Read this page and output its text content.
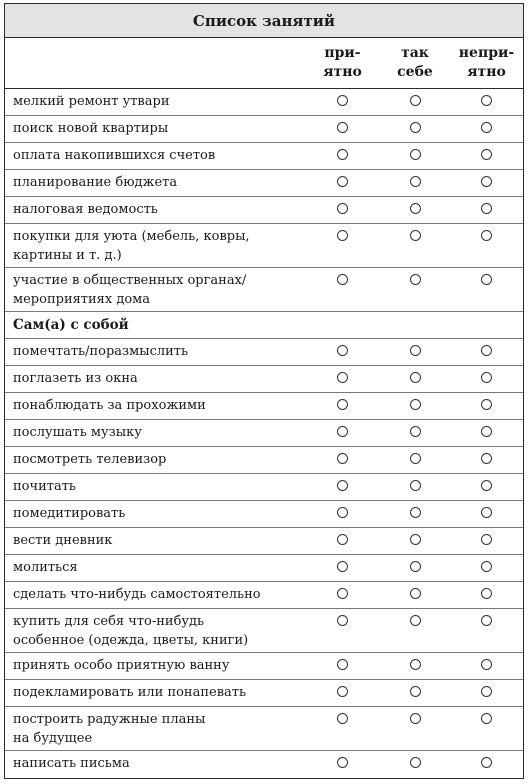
Список занятий
при-
ятно
так
себе
непри-
ятно
мелкий ремонт утвари
поиск новой квартиры
оплата накопившихся счетов
планирование бюджета
налоговая ведомость
покупки для уюта (мебель, ковры,
картины и т. д.)
участие в общественных органах/
мероприятиях дома
Сам(а) с собой
помечтать/поразмыслить
поглазеть из окна
понаблюдать за прохожими
послушать музыку
посмотреть телевизор
почитать
помедитировать
вести дневник
молиться
сделать что-нибудь самостоятельно
купить для себя что-нибудь
особенное (одежда, цветы, книги)
принять особо приятную ванну
подекламировать или понапевать
построить радужные планы
на будущее
написать письма
